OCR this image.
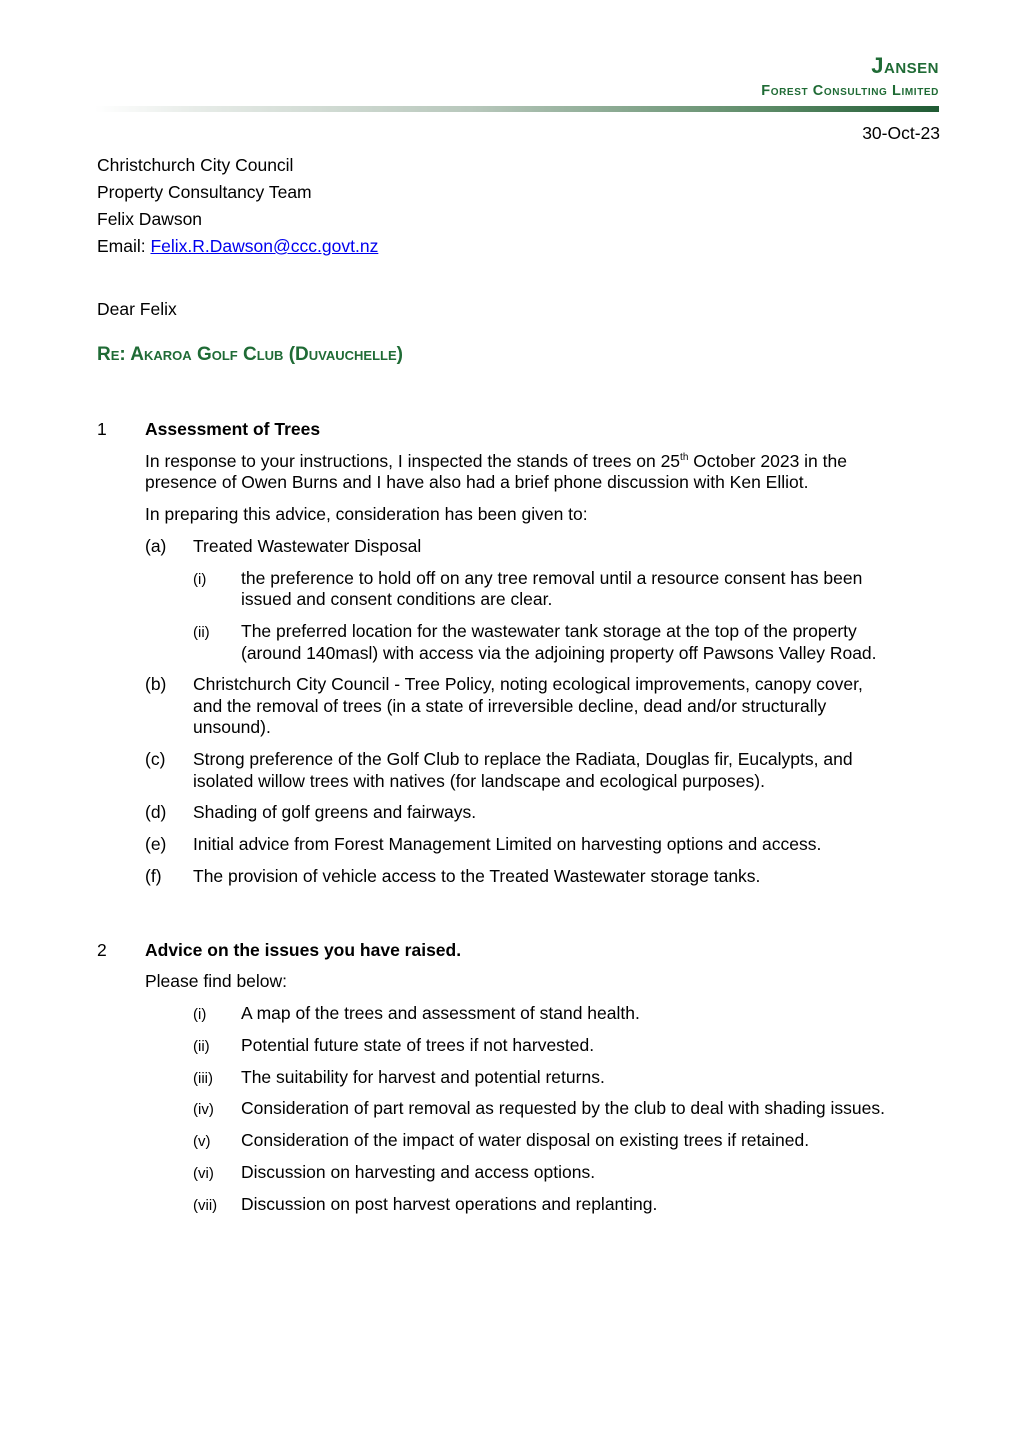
Jansen
Forest Consulting Limited
30-Oct-23
Christchurch City Council
Property Consultancy Team
Felix Dawson
Email: Felix.R.Dawson@ccc.govt.nz
Dear Felix
Re: Akaroa Golf Club (Duvauchelle)
1 Assessment of Trees
In response to your instructions, I inspected the stands of trees on 25th October 2023 in the
presence of Owen Burns and I have also had a brief phone discussion with Ken Elliot.
In preparing this advice, consideration has been given to:
(a) Treated Wastewater Disposal
(i) the preference to hold off on any tree removal until a resource consent has been
issued and consent conditions are clear.
(ii) The preferred location for the wastewater tank storage at the top of the property
(around 140masl) with access via the adjoining property off Pawsons Valley Road.
(b) Christchurch City Council - Tree Policy, noting ecological improvements, canopy cover,
and the removal of trees (in a state of irreversible decline, dead and/or structurally
unsound).
(c) Strong preference of the Golf Club to replace the Radiata, Douglas fir, Eucalypts, and
isolated willow trees with natives (for landscape and ecological purposes).
(d) Shading of golf greens and fairways.
(e) Initial advice from Forest Management Limited on harvesting options and access.
(f) The provision of vehicle access to the Treated Wastewater storage tanks.
2 Advice on the issues you have raised.
Please find below:
(i) A map of the trees and assessment of stand health.
(ii) Potential future state of trees if not harvested.
(iii) The suitability for harvest and potential returns.
(iv) Consideration of part removal as requested by the club to deal with shading issues.
(v) Consideration of the impact of water disposal on existing trees if retained.
(vi) Discussion on harvesting and access options.
(vii) Discussion on post harvest operations and replanting.
